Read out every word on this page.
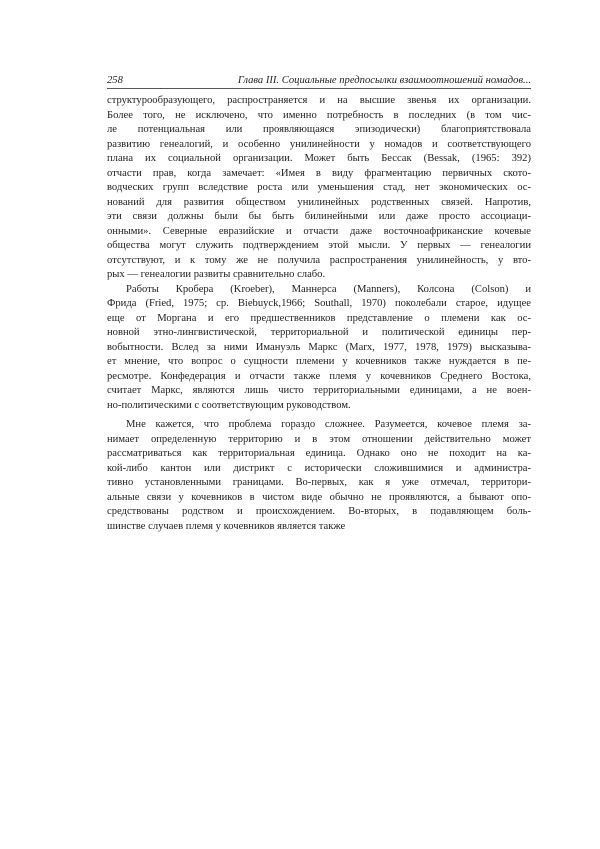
258	Глава III. Социальные предпосылки взаимоотношений номадов...
структурообразующего, распространяется и на высшие звенья их организации.
Более того, не исключено, что именно потребность в последних (в том чис-
ле потенциальная или проявляющаяся эпизодически) благоприятствовала
развитию генеалогий, и особенно унилинейности у номадов и соответствующего
плана их социальной организации. Может быть Бессак (Bessak, (1965: 392)
отчасти прав, когда замечает: «Имея в виду фрагментацию первичных ското-
водческих групп вследствие роста или уменьшения стад, нет экономических ос-
нований для развития обществом унилинейных родственных связей. Напротив,
эти связи должны были бы быть билинейными или даже просто ассоциаци-
онными». Северные евразийские и отчасти даже восточноафриканские кочевые
общества могут служить подтверждением этой мысли. У первых — генеалогии
отсутствуют, и к тому же не получила распространения унилинейность, у вто-
рых — генеалогии развиты сравнительно слабо.
Работы Кробера (Kroeber), Маннерса (Manners), Колсона (Colson) и
Фрида (Fried, 1975; cp. Biebuyck,1966; Southall, 1970) поколебали старое, идущее
еще от Моргана и его предшественников представление о племени как ос-
новной этно-лингвистической, территориальной и политической единицы пер-
вобытности. Вслед за ними Имануэль Маркс (Marx, 1977, 1978, 1979) высказыва-
ет мнение, что вопрос о сущности племени у кочевников также нуждается в пе-
ресмотре. Конфедерация и отчасти также племя у кочевников Среднего Востока,
считает Маркс, являются лишь чисто территориальными единицами, а не воен-
но-политическими с соответствующим руководством.
Мне кажется, что проблема гораздо сложнее. Разумеется, кочевое племя за-
нимает определенную территорию и в этом отношении действительно может
рассматриваться как территориальная единица. Однако оно не походит на ка-
кой-либо кантон или дистрикт с исторически сложившимися и администра-
тивно установленными границами. Во-первых, как я уже отмечал, территори-
альные связи у кочевников в чистом виде обычно не проявляются, а бывают опо-
средствованы родством и происхождением. Во-вторых, в подавляющем боль-
шинстве случаев племя у кочевников является также
